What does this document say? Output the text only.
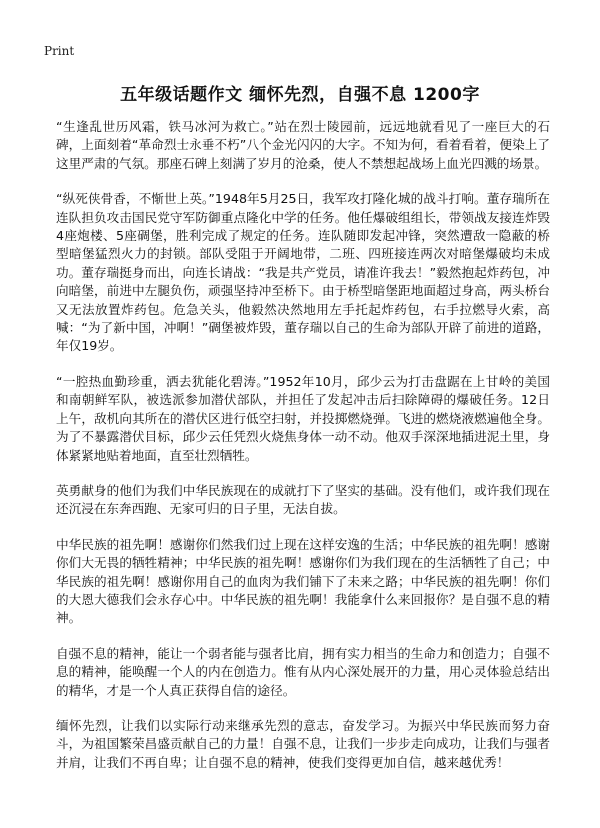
Print
五年级话题作文 缅怀先烈，自强不息 1200字

“生逢乱世历风霜，铁马冰河为救亡。”站在烈士陵园前，远远地就看见了一座巨大的石碑，上面刻着“革命烈士永垂不朽”八个金光闪闪的大字。不知为何，看着看着，便染上了这里严肃的气氛。那座石碑上刻满了岁月的沧桑，使人不禁想起战场上血光四溅的场景。

“纵死侠骨香，不惭世上英。”1948年5月25日，我军攻打隆化城的战斗打响。董存瑞所在连队担负攻击国民党守军防御重点隆化中学的任务。他任爆破组组长，带领战友接连炸毁4座炮楼、5座碉堡，胜利完成了规定的任务。连队随即发起冲锋，突然遭敌一隐蔽的桥型暗堡猛烈火力的封锁。部队受阻于开阔地带，二班、四班接连两次对暗堡爆破均未成功。董存瑞挺身而出，向连长请战：“我是共产党员，请准许我去！”毅然抱起炸药包，冲向暗堡，前进中左腿负伤，顽强坚持冲至桥下。由于桥型暗堡距地面超过身高，两头桥台又无法放置炸药包。危急关头，他毅然决然地用左手托起炸药包，右手拉燃导火索，高喊：“为了新中国，冲啊！”碉堡被炸毁，董存瑞以自己的生命为部队开辟了前进的道路，年仅19岁。

“一腔热血勤珍重，洒去犹能化碧涛。”1952年10月，邱少云为打击盘踞在上甘岭的美国和南朝鲜军队，被选派参加潜伏部队，并担任了发起冲击后扫除障碍的爆破任务。12日上午，敌机向其所在的潜伏区进行低空扫射，并投掷燃烧弹。飞进的燃烧液燃遍他全身。为了不暴露潜伏目标，邱少云任凭烈火烧焦身体一动不动。他双手深深地插进泥土里，身体紧紧地贴着地面，直至壮烈牺牲。

英勇献身的他们为我们中华民族现在的成就打下了坚实的基础。没有他们，或许我们现在还沉浸在东奔西跑、无家可归的日子里，无法自拔。

中华民族的祖先啊！感谢你们然我们过上现在这样安逸的生活；中华民族的祖先啊！感谢你们大无畏的牺牲精神；中华民族的祖先啊！感谢你们为我们现在的生活牺牲了自己；中华民族的祖先啊！感谢你用自己的血肉为我们铺下了未来之路；中华民族的祖先啊！你们的大恩大德我们会永存心中。中华民族的祖先啊！我能拿什么来回报你？是自强不息的精神。

自强不息的精神，能让一个弱者能与强者比肩，拥有实力相当的生命力和创造力；自强不息的精神，能唤醒一个人的内在创造力。惟有从内心深处展开的力量，用心灵体验总结出的精华，才是一个人真正获得自信的途径。

缅怀先烈，让我们以实际行动来继承先烈的意志，奋发学习。为振兴中华民族而努力奋斗，为祖国繁荣昌盛贡献自己的力量！自强不息，让我们一步步走向成功，让我们与强者并肩，让我们不再自卑；让自强不息的精神，使我们变得更加自信，越来越优秀！
